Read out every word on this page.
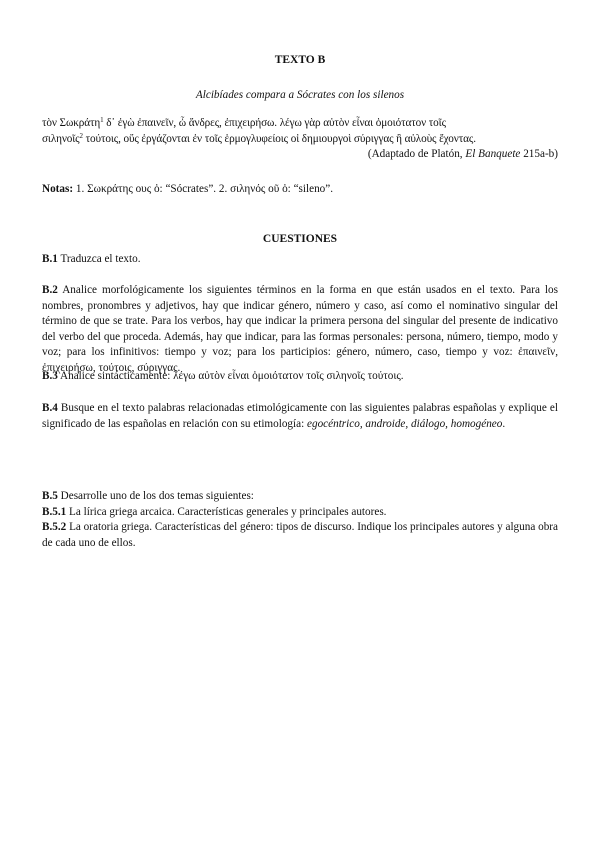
TEXTO B
Alcibíades compara a Sócrates con los silenos
τὸν Σωκράτη$^1$ δ᾽ ἐγὼ ἐπαινεῖν, ὦ ἄνδρες, ἐπιχειρήσω. λέγω γὰρ αὐτὸν εἶναι ὁμοιότατον τοῖς
σιληνοῖς$^2$ τούτοις, οὕς ἐργάζονται ἐν τοῖς ἑρμογλυφείοις οἱ δημιουργοὶ σύριγγας ἢ αὐλοὺς ἔχοντας.
(Adaptado de Platón, El Banquete 215a-b)
Notas: 1. Σωκράτης ους ὁ: “Sócrates”. 2. σιληνός οῦ ὁ: “sileno”.
CUESTIONES
B.1 Traduzca el texto.
B.2 Analice morfológicamente los siguientes términos en la forma en que están usados en el texto. Para los nombres, pronombres y adjetivos, hay que indicar género, número y caso, así como el nominativo singular del término de que se trate. Para los verbos, hay que indicar la primera persona del singular del presente de indicativo del verbo del que proceda. Además, hay que indicar, para las formas personales: persona, número, tiempo, modo y voz; para los infinitivos: tiempo y voz; para los participios: género, número, caso, tiempo y voz: ἐπαινεῖν, ἐπιχειρήσω, τούτοις, σύριγγας.
B.3 Analice sintácticamente: λέγω αὐτὸν εἶναι ὁμοιότατον τοῖς σιληνοῖς τούτοις.
B.4 Busque en el texto palabras relacionadas etimológicamente con las siguientes palabras españolas y explique el significado de las españolas en relación con su etimología: egocéntrico, androide, diálogo, homogéneo.
B.5 Desarrolle uno de los dos temas siguientes:
B.5.1 La lírica griega arcaica. Características generales y principales autores.
B.5.2 La oratoria griega. Características del género: tipos de discurso. Indique los principales autores y alguna obra de cada uno de ellos.
